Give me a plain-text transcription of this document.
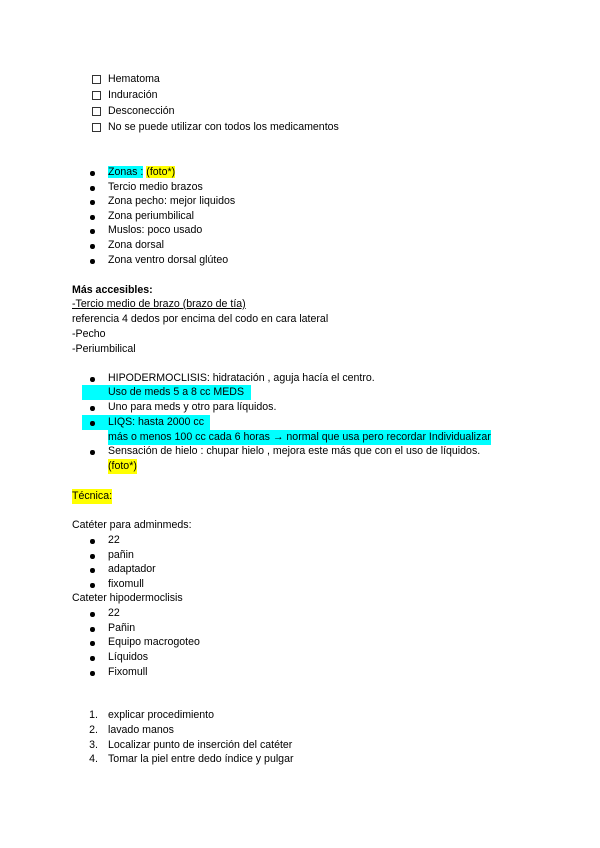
Hematoma
Induración
Desconección
No se puede utilizar con todos los medicamentos
Zonas : (foto*)
Tercio medio brazos
Zona pecho: mejor liquidos
Zona periumbilical
Muslos: poco usado
Zona dorsal
Zona ventro dorsal glúteo
Más accesibles:
-Tercio medio de brazo (brazo de tía)
referencia 4 dedos por encima del codo en cara lateral
-Pecho
-Periumbilical
HIPODERMOCLISIS: hidratación , aguja hacía el centro.
Uso de meds 5 a 8 cc MEDS
Uno para meds y otro para líquidos.
LIQS: hasta 2000 cc
más o menos 100 cc cada 6 horas → normal que usa pero recordar Individualizar
Sensación de hielo : chupar hielo , mejora este más que con el uso de líquidos.
(foto*)
Técnica:
Catéter para adminmeds:
22
pañin
adaptador
fixomull
Cateter hipodermoclisis
22
Pañin
Equipo macrogoteo
Líquidos
Fixomull
1. explicar procedimiento
2. lavado manos
3. Localizar punto de inserción del catéter
4. Tomar la piel entre dedo índice y pulgar
